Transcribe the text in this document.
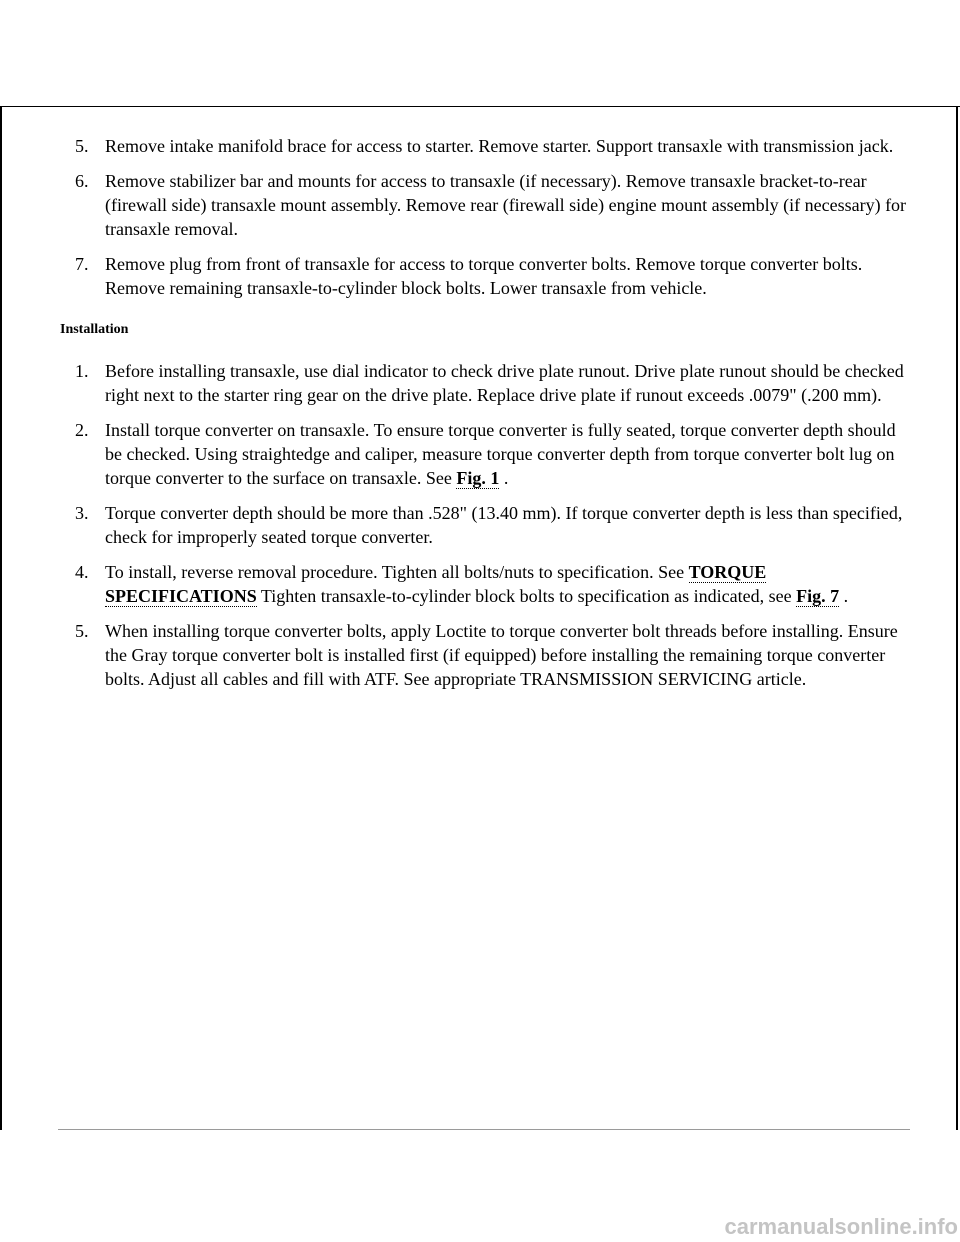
5. Remove intake manifold brace for access to starter. Remove starter. Support transaxle with transmission jack.
6. Remove stabilizer bar and mounts for access to transaxle (if necessary). Remove transaxle bracket-to-rear (firewall side) transaxle mount assembly. Remove rear (firewall side) engine mount assembly (if necessary) for transaxle removal.
7. Remove plug from front of transaxle for access to torque converter bolts. Remove torque converter bolts. Remove remaining transaxle-to-cylinder block bolts. Lower transaxle from vehicle.
Installation
1. Before installing transaxle, use dial indicator to check drive plate runout. Drive plate runout should be checked right next to the starter ring gear on the drive plate. Replace drive plate if runout exceeds .0079" (.200 mm).
2. Install torque converter on transaxle. To ensure torque converter is fully seated, torque converter depth should be checked. Using straightedge and caliper, measure torque converter depth from torque converter bolt lug on torque converter to the surface on transaxle. See Fig. 1 .
3. Torque converter depth should be more than .528" (13.40 mm). If torque converter depth is less than specified, check for improperly seated torque converter.
4. To install, reverse removal procedure. Tighten all bolts/nuts to specification. See TORQUE SPECIFICATIONS Tighten transaxle-to-cylinder block bolts to specification as indicated, see Fig. 7 .
5. When installing torque converter bolts, apply Loctite to torque converter bolt threads before installing. Ensure the Gray torque converter bolt is installed first (if equipped) before installing the remaining torque converter bolts. Adjust all cables and fill with ATF. See appropriate TRANSMISSION SERVICING article.
carmanualsonline.info
